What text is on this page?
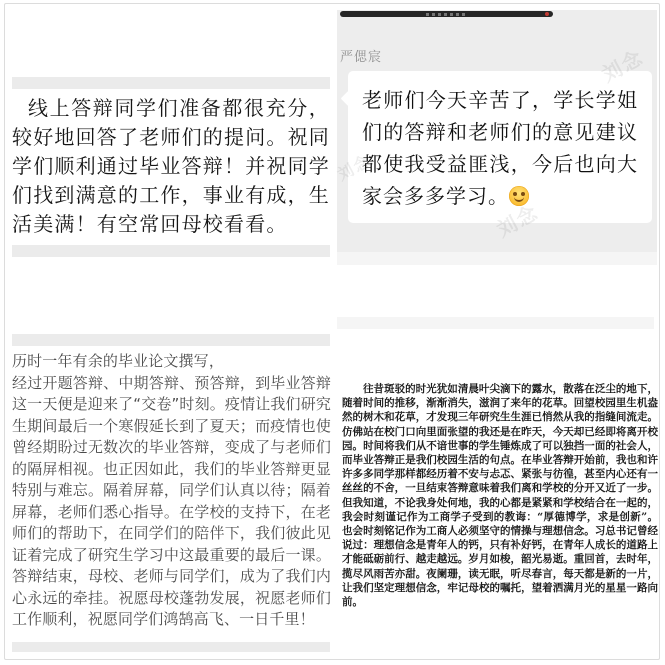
线上答辩同学们准备都很充分，较好地回答了老师们的提问。祝同学们顺利通过毕业答辩！并祝同学们找到满意的工作，事业有成，生活美满！有空常回母校看看。
历时一年有余的毕业论文撰写，
经过开题答辩、中期答辩、预答辩，到毕业答辩这一天便是迎来了“交卷”时刻。疫情让我们研究生期间最后一个寒假延长到了夏天；而疫情也使曾经期盼过无数次的毕业答辩，变成了与老师们的隔屏相视。也正因如此，我们的毕业答辩更显特别与难忘。隔着屏幕，同学们认真以待；隔着屏幕，老师们悉心指导。在学校的支持下，在老师们的帮助下，在同学们的陪伴下，我们彼此见证着完成了研究生学习中这最重要的最后一课。答辩结束，母校、老师与同学们，成为了我们内心永远的牵挂。祝愿母校蓬勃发展，祝愿老师们工作顺利，祝愿同学们鸿鹄高飞、一日千里！
严偲宸
老师们今天辛苦了，学长学姐们的答辩和老师们的意见建议都使我受益匪浅，今后也向大家会多多学习。
往昔斑驳的时光犹如清晨叶尖滴下的露水，散落在泛尘的地下，随着时间的推移，渐渐消失，滋润了来年的花草。回望校园里生机盎然的树木和花草，才发现三年研究生生涯已悄然从我的指缝间流走。仿佛站在校门口向里面张望的我还是在昨天，今天却已经即将离开校园。时间将我们从不谙世事的学生锤炼成了可以独挡一面的社会人，而毕业答辩正是我们校园生活的句点。在毕业答辩开始前，我也和许许多多同学那样都经历着不安与忐忑、紧张与彷徨，甚至内心还有一丝丝的不舍，一旦结束答辩意味着我们离和学校的分开又近了一步。但我知道，不论我身处何地，我的心都是紧紧和学校结合在一起的，我会时刻谨记作为工商学子受到的教诲：“厚德博学，求是创新”。也会时刻铭记作为工商人必须坚守的情操与理想信念。习总书记曾经说过：理想信念是青年人的钙，只有补好钙，在青年人成长的道路上才能砥砺前行、越走越远。岁月如梭，韶光易逝。重回首，去时年，揽尽风雨苦亦甜。夜阑珊，读无眠，听尽春言，每天都是新的一片，让我们坚定理想信念，牢记母校的嘱托，望着洒满月光的星星一路向前。
